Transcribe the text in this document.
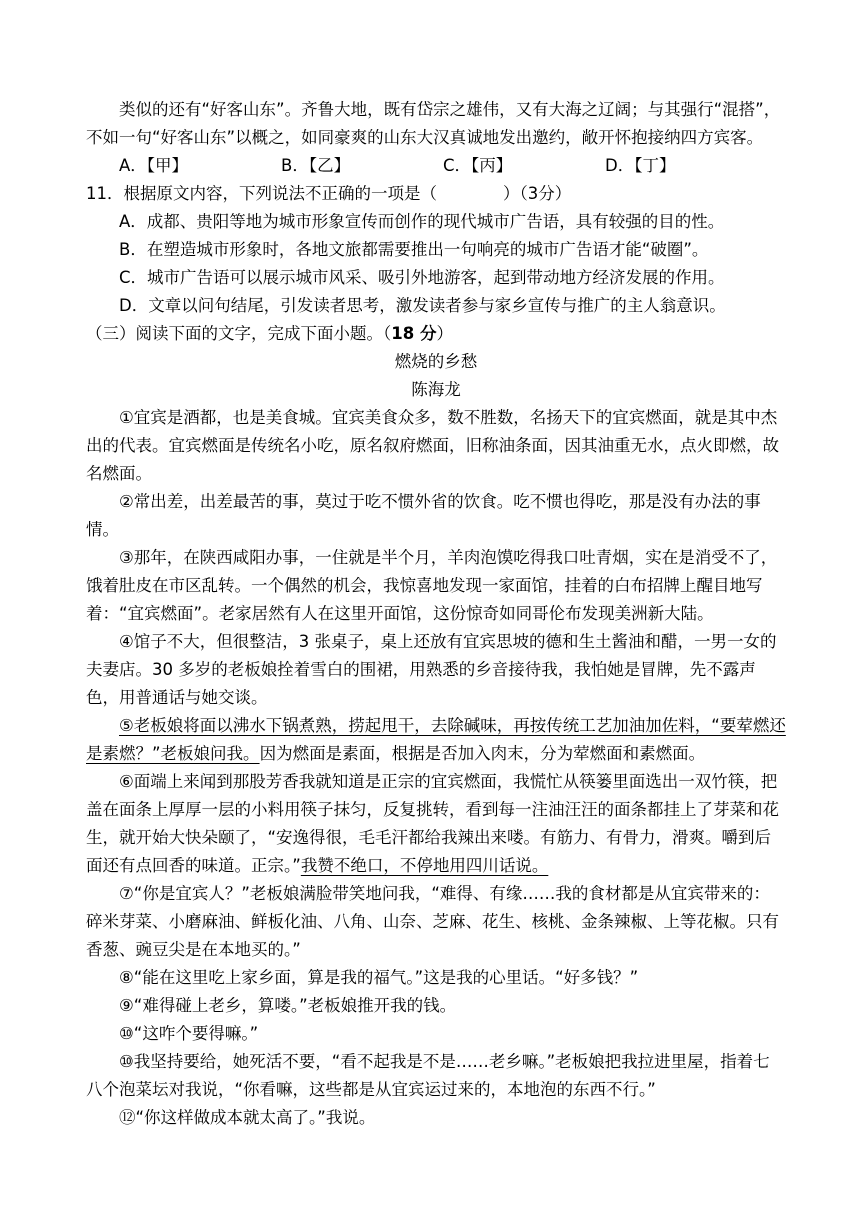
类似的还有“好客山东”。齐鲁大地，既有岱宗之雄伟，又有大海之辽阔；与其强行“混搭”，不如一句“好客山东”以概之，如同豪爽的山东大汉真诚地发出邀约，敞开怀抱接纳四方宾客。

A．【甲】	B．【乙】	C．【丙】	D．【丁】

11．根据原文内容，下列说法不正确的一项是（　　　　）（3分）

A．成都、贵阳等地为城市形象宣传而创作的现代城市广告语，具有较强的目的性。

B．在塑造城市形象时，各地文旅都需要推出一句响亮的城市广告语才能“破圈”。

C．城市广告语可以展示城市风采、吸引外地游客，起到带动地方经济发展的作用。

D．文章以问句结尾，引发读者思考，激发读者参与家乡宣传与推广的主人翁意识。

（三）阅读下面的文字，完成下面小题。（18 分）

燃烧的乡愁

陈海龙

①宜宾是酒都，也是美食城。宜宾美食众多，数不胜数，名扬天下的宜宾燃面，就是其中杰出的代表。宜宾燃面是传统名小吃，原名叙府燃面，旧称油条面，因其油重无水，点火即燃，故名燃面。

②常出差，出差最苦的事，莫过于吃不惯外省的饮食。吃不惯也得吃，那是没有办法的事情。

③那年，在陕西咸阳办事，一住就是半个月，羊肉泡馍吃得我口吐青烟，实在是消受不了，饿着肚皮在市区乱转。一个偶然的机会，我惊喜地发现一家面馆，挂着的白布招牌上醒目地写着：“宜宾燃面”。老家居然有人在这里开面馆，这份惊奇如同哥伦布发现美洲新大陆。

④馆子不大，但很整洁，3 张桌子，桌上还放有宜宾思坡的德和生土酱油和醋，一男一女的夫妻店。30 多岁的老板娘拴着雪白的围裙，用熟悉的乡音接待我，我怕她是冒牌，先不露声色，用普通话与她交谈。

⑤老板娘将面以沸水下锅煮熟，捞起甩干，去除碱味，再按传统工艺加油加佐料，“要荤燃还是素燃？”老板娘问我。因为燃面是素面，根据是否加入肉末，分为荤燃面和素燃面。

⑥面端上来闻到那股芳香我就知道是正宗的宜宾燃面，我慌忙从筷篓里面选出一双竹筷，把盖在面条上厚厚一层的小料用筷子抹匀，反复挑转，看到每一注油汪汪的面条都挂上了芽菜和花生，就开始大快朵颐了，“安逸得很，毛毛汗都给我辣出来喽。有筋力、有骨力，滑爽。嚼到后面还有点回香的味道。正宗。”我赞不绝口，不停地用四川话说。

⑦“你是宜宾人？”老板娘满脸带笑地问我，“难得、有缘……我的食材都是从宜宾带来的：碎米芽菜、小磨麻油、鲜板化油、八角、山奈、芝麻、花生、核桃、金条辣椒、上等花椒。只有香葱、豌豆尖是在本地买的。”

⑧“能在这里吃上家乡面，算是我的福气。”这是我的心里话。“好多钱？”

⑨“难得碰上老乡，算喽。”老板娘推开我的钱。

⑩“这咋个要得嘛。”

⑩我坚持要给，她死活不要，“看不起我是不是……老乡嘛。”老板娘把我拉进里屋，指着七八个泡菜坛对我说，“你看嘛，这些都是从宜宾运过来的，本地泡的东西不行。”

⑫“你这样做成本就太高了。”我说。
